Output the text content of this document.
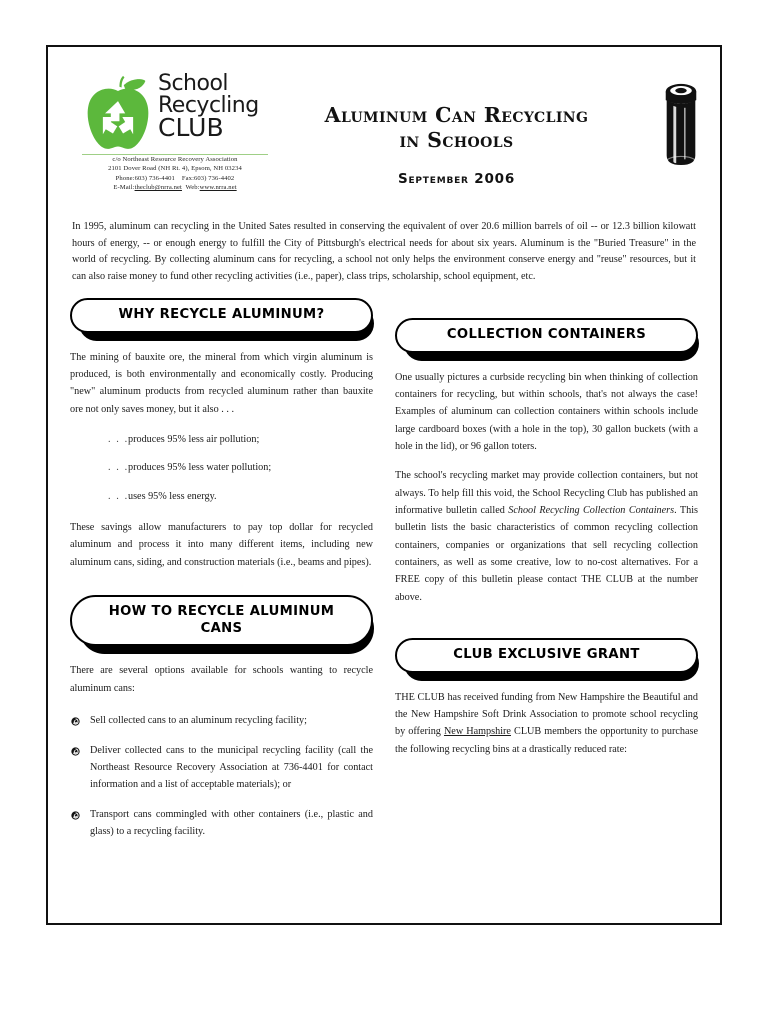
School
Recycling
CLUB
c/o Northeast Resource Recovery Association
2101 Dover Road (NH Rt. 4), Epsom, NH 03234
Phone:603) 736-4401 Fax:603) 736-4402
E-Mail:theclub@nrra.net Web:www.nrra.net
Aluminum Can Recycling
in Schools
September 2006
In 1995, aluminum can recycling in the United Sates resulted in conserving the equivalent of over 20.6 million barrels of oil -- or 12.3 billion kilowatt hours of energy, -- or enough energy to fulfill the City of Pittsburgh's electrical needs for about six years. Aluminum is the "Buried Treasure" in the world of recycling. By collecting aluminum cans for recycling, a school not only helps the environment conserve energy and "reuse" resources, but it can also raise money to fund other recycling activities (i.e., paper), class trips, scholarship, school equipment, etc.
WHY RECYCLE ALUMINUM?

The mining of bauxite ore, the mineral from which virgin aluminum is produced, is both environmentally and economically costly. Producing "new" aluminum products from recycled aluminum rather than bauxite ore not only saves money, but it also . . .

. . . produces 95% less air pollution;
. . . produces 95% less water pollution;
. . . uses 95% less energy.

These savings allow manufacturers to pay top dollar for recycled aluminum and process it into many different items, including new aluminum cans, siding, and construction materials (i.e., beams and pipes).

HOW TO RECYCLE ALUMINUM
CANS

There are several options available for schools wanting to recycle aluminum cans:

Sell collected cans to an aluminum recycling facility;
Deliver collected cans to the municipal recycling facility (call the Northeast Resource Recovery Association at 736-4401 for contact information and a list of acceptable materials); or
Transport cans commingled with other containers (i.e., plastic and glass) to a recycling facility.
COLLECTION CONTAINERS

One usually pictures a curbside recycling bin when thinking of collection containers for recycling, but within schools, that's not always the case! Examples of aluminum can collection containers within schools include large cardboard boxes (with a hole in the top), 30 gallon buckets (with a hole in the lid), or 96 gallon toters.

The school's recycling market may provide collection containers, but not always. To help fill this void, the School Recycling Club has published an informative bulletin called School Recycling Collection Containers. This bulletin lists the basic characteristics of common recycling collection containers, companies or organizations that sell recycling collection containers, as well as some creative, low to no-cost alternatives. For a FREE copy of this bulletin please contact THE CLUB at the number above.

CLUB EXCLUSIVE GRANT

THE CLUB has received funding from New Hampshire the Beautiful and the New Hampshire Soft Drink Association to promote school recycling by offering New Hampshire CLUB members the opportunity to purchase the following recycling bins at a drastically reduced rate:
